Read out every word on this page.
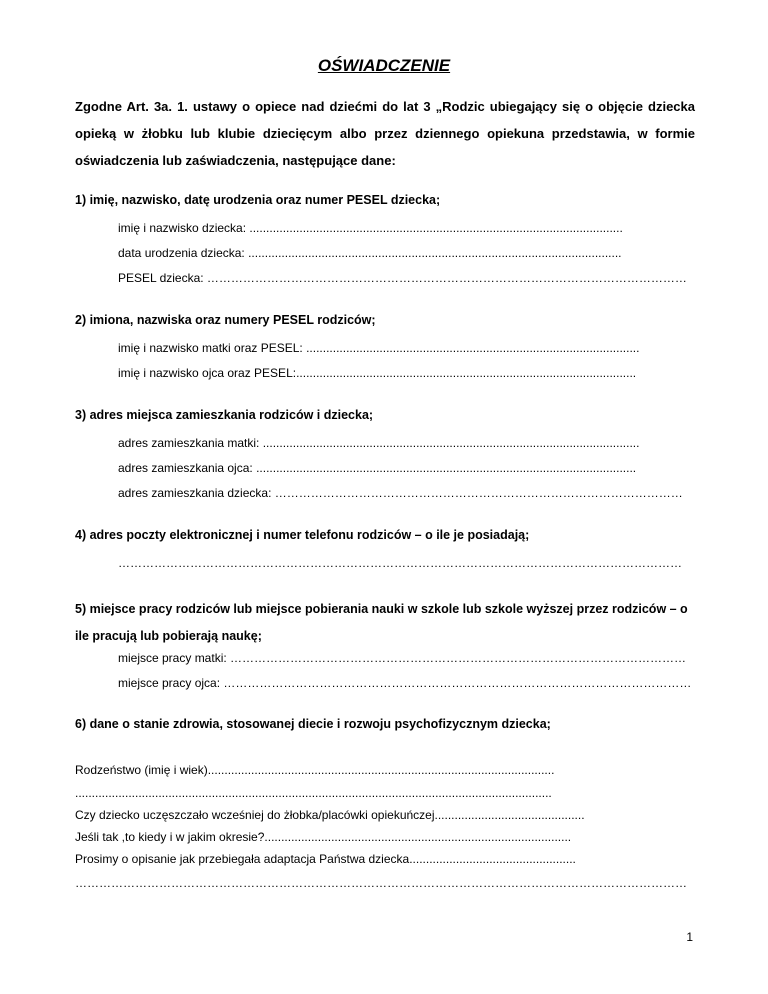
OŚWIADCZENIE
Zgodne Art. 3a. 1. ustawy o opiece nad dziećmi do lat 3 „Rodzic ubiegający się o objęcie dziecka opieką w żłobku lub klubie dziecięcym albo przez dziennego opiekuna przedstawia, w formie oświadczenia lub zaświadczenia, następujące dane:
1) imię, nazwisko, datę urodzenia oraz numer PESEL dziecka;
imię i nazwisko dziecka: ................................................................................................................
data urodzenia dziecka: ................................................................................................................
PESEL dziecka: …………………………………………………………………………………………………………
2) imiona, nazwiska oraz numery PESEL rodziców;
imię i nazwisko matki oraz PESEL: ....................................................................................................
imię i nazwisko ojca oraz PESEL:......................................................................................................
3) adres miejsca zamieszkania rodziców i dziecka;
adres zamieszkania matki: .................................................................................................................
adres zamieszkania ojca: ..................................................................................................................
adres zamieszkania dziecka: …………………………………………………………………………………………
4) adres poczty elektronicznej i numer telefonu rodziców – o ile je posiadają;
……………………………………………………………………………………………………………………………
5) miejsce pracy rodziców lub miejsce pobierania nauki w szkole lub szkole wyższej przez rodziców – o ile pracują lub pobierają naukę;
miejsce pracy matki: ……………………………………………………………………………………………………
miejsce pracy ojca: ………………………………………………………………………………………………………
6) dane o stanie zdrowia, stosowanej diecie i rozwoju psychofizycznym dziecka;
Rodzeństwo (imię i wiek)........................................................................................................
...............................................................................................................................................
Czy dziecko uczęszczało wcześniej do żłobka/placówki opiekuńczej.............................................
Jeśli tak ,to kiedy i w jakim okresie?............................................................................................
Prosimy o opisanie jak przebiegała adaptacja Państwa dziecka..................................................
………………………………………………………………………………………………………………………………………
1
